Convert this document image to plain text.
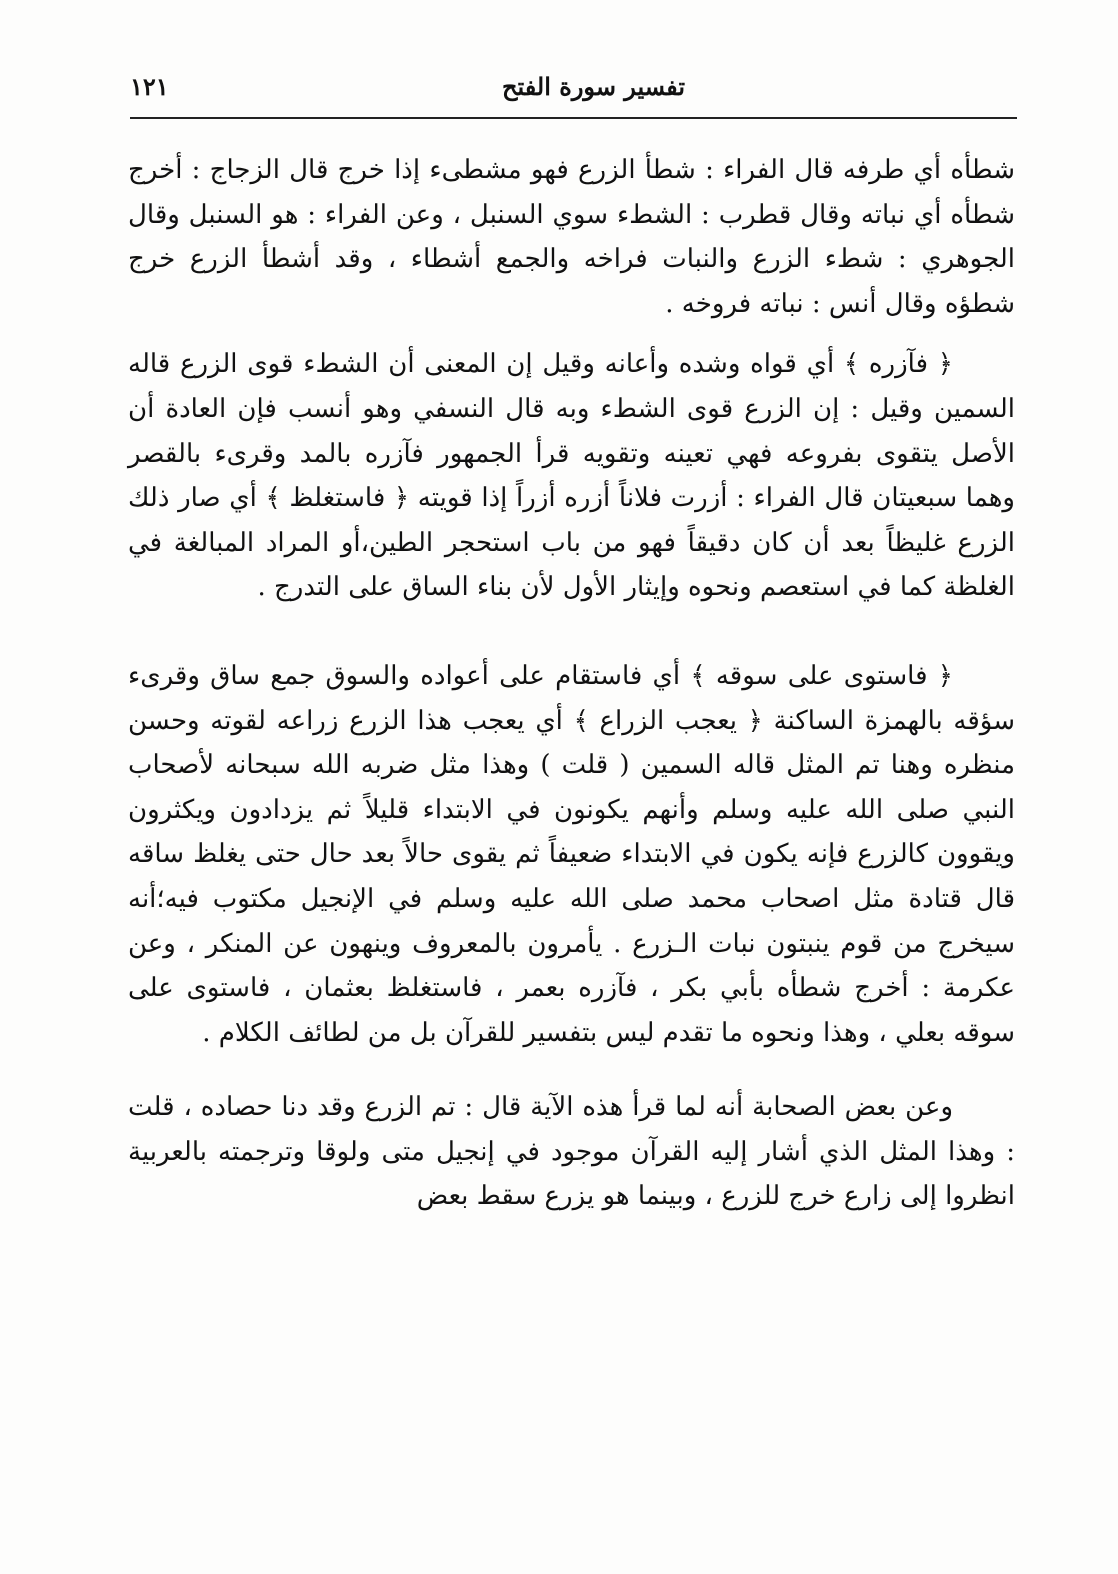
تفسير سورة الفتح
١٢١

شطأه أي طرفه قال الفراء : شطأ الزرع فهو مشطىء إذا خرج قال الزجاج : أخرج شطأه أي نباته وقال قطرب : الشطء سوي السنبل ، وعن الفراء : هو السنبل وقال الجوهري : شطء الزرع والنبات فراخه والجمع أشطاء ، وقد أشطأ الزرع خرج شطؤه وقال أنس : نباته فروخه .

﴿ فآزره ﴾ أي قواه وشده وأعانه وقيل إن المعنى أن الشطء قوى الزرع قاله السمين وقيل : إن الزرع قوى الشطء وبه قال النسفي وهو أنسب فإن العادة أن الأصل يتقوى بفروعه فهي تعينه وتقويه قرأ الجمهور فآزره بالمد وقرىء بالقصر وهما سبعيتان قال الفراء : أزرت فلاناً أزره أزراً إذا قويته ﴿ فاستغلظ ﴾ أي صار ذلك الزرع غليظاً بعد أن كان دقيقاً فهو من باب استحجر الطين،أو المراد المبالغة في الغلظة كما في استعصم ونحوه وإيثار الأول لأن بناء الساق على التدرج .

﴿ فاستوى على سوقه ﴾ أي فاستقام على أعواده والسوق جمع ساق وقرىء سؤقه بالهمزة الساكنة ﴿ يعجب الزراع ﴾ أي يعجب هذا الزرع زراعه لقوته وحسن منظره وهنا تم المثل قاله السمين ( قلت ) وهذا مثل ضربه الله سبحانه لأصحاب النبي صلى الله عليه وسلم وأنهم يكونون في الابتداء قليلاً ثم يزدادون ويكثرون ويقوون كالزرع فإنه يكون في الابتداء ضعيفاً ثم يقوى حالاً بعد حال حتى يغلظ ساقه قال قتادة مثل اصحاب محمد صلى الله عليه وسلم في الإنجيل مكتوب فيه؛أنه سيخرج من قوم ينبتون نبات الـزرع . يأمرون بالمعروف وينهون عن المنكر ، وعن عكرمة : أخرج شطأه بأبي بكر ، فآزره بعمر ، فاستغلظ بعثمان ، فاستوى على سوقه بعلي ، وهذا ونحوه ما تقدم ليس بتفسير للقرآن بل من لطائف الكلام .

وعن بعض الصحابة أنه لما قرأ هذه الآية قال : تم الزرع وقد دنا حصاده ، قلت : وهذا المثل الذي أشار إليه القرآن موجود في إنجيل متى ولوقا وترجمته بالعربية انظروا إلى زارع خرج للزرع ، وبينما هو يزرع سقط بعض
